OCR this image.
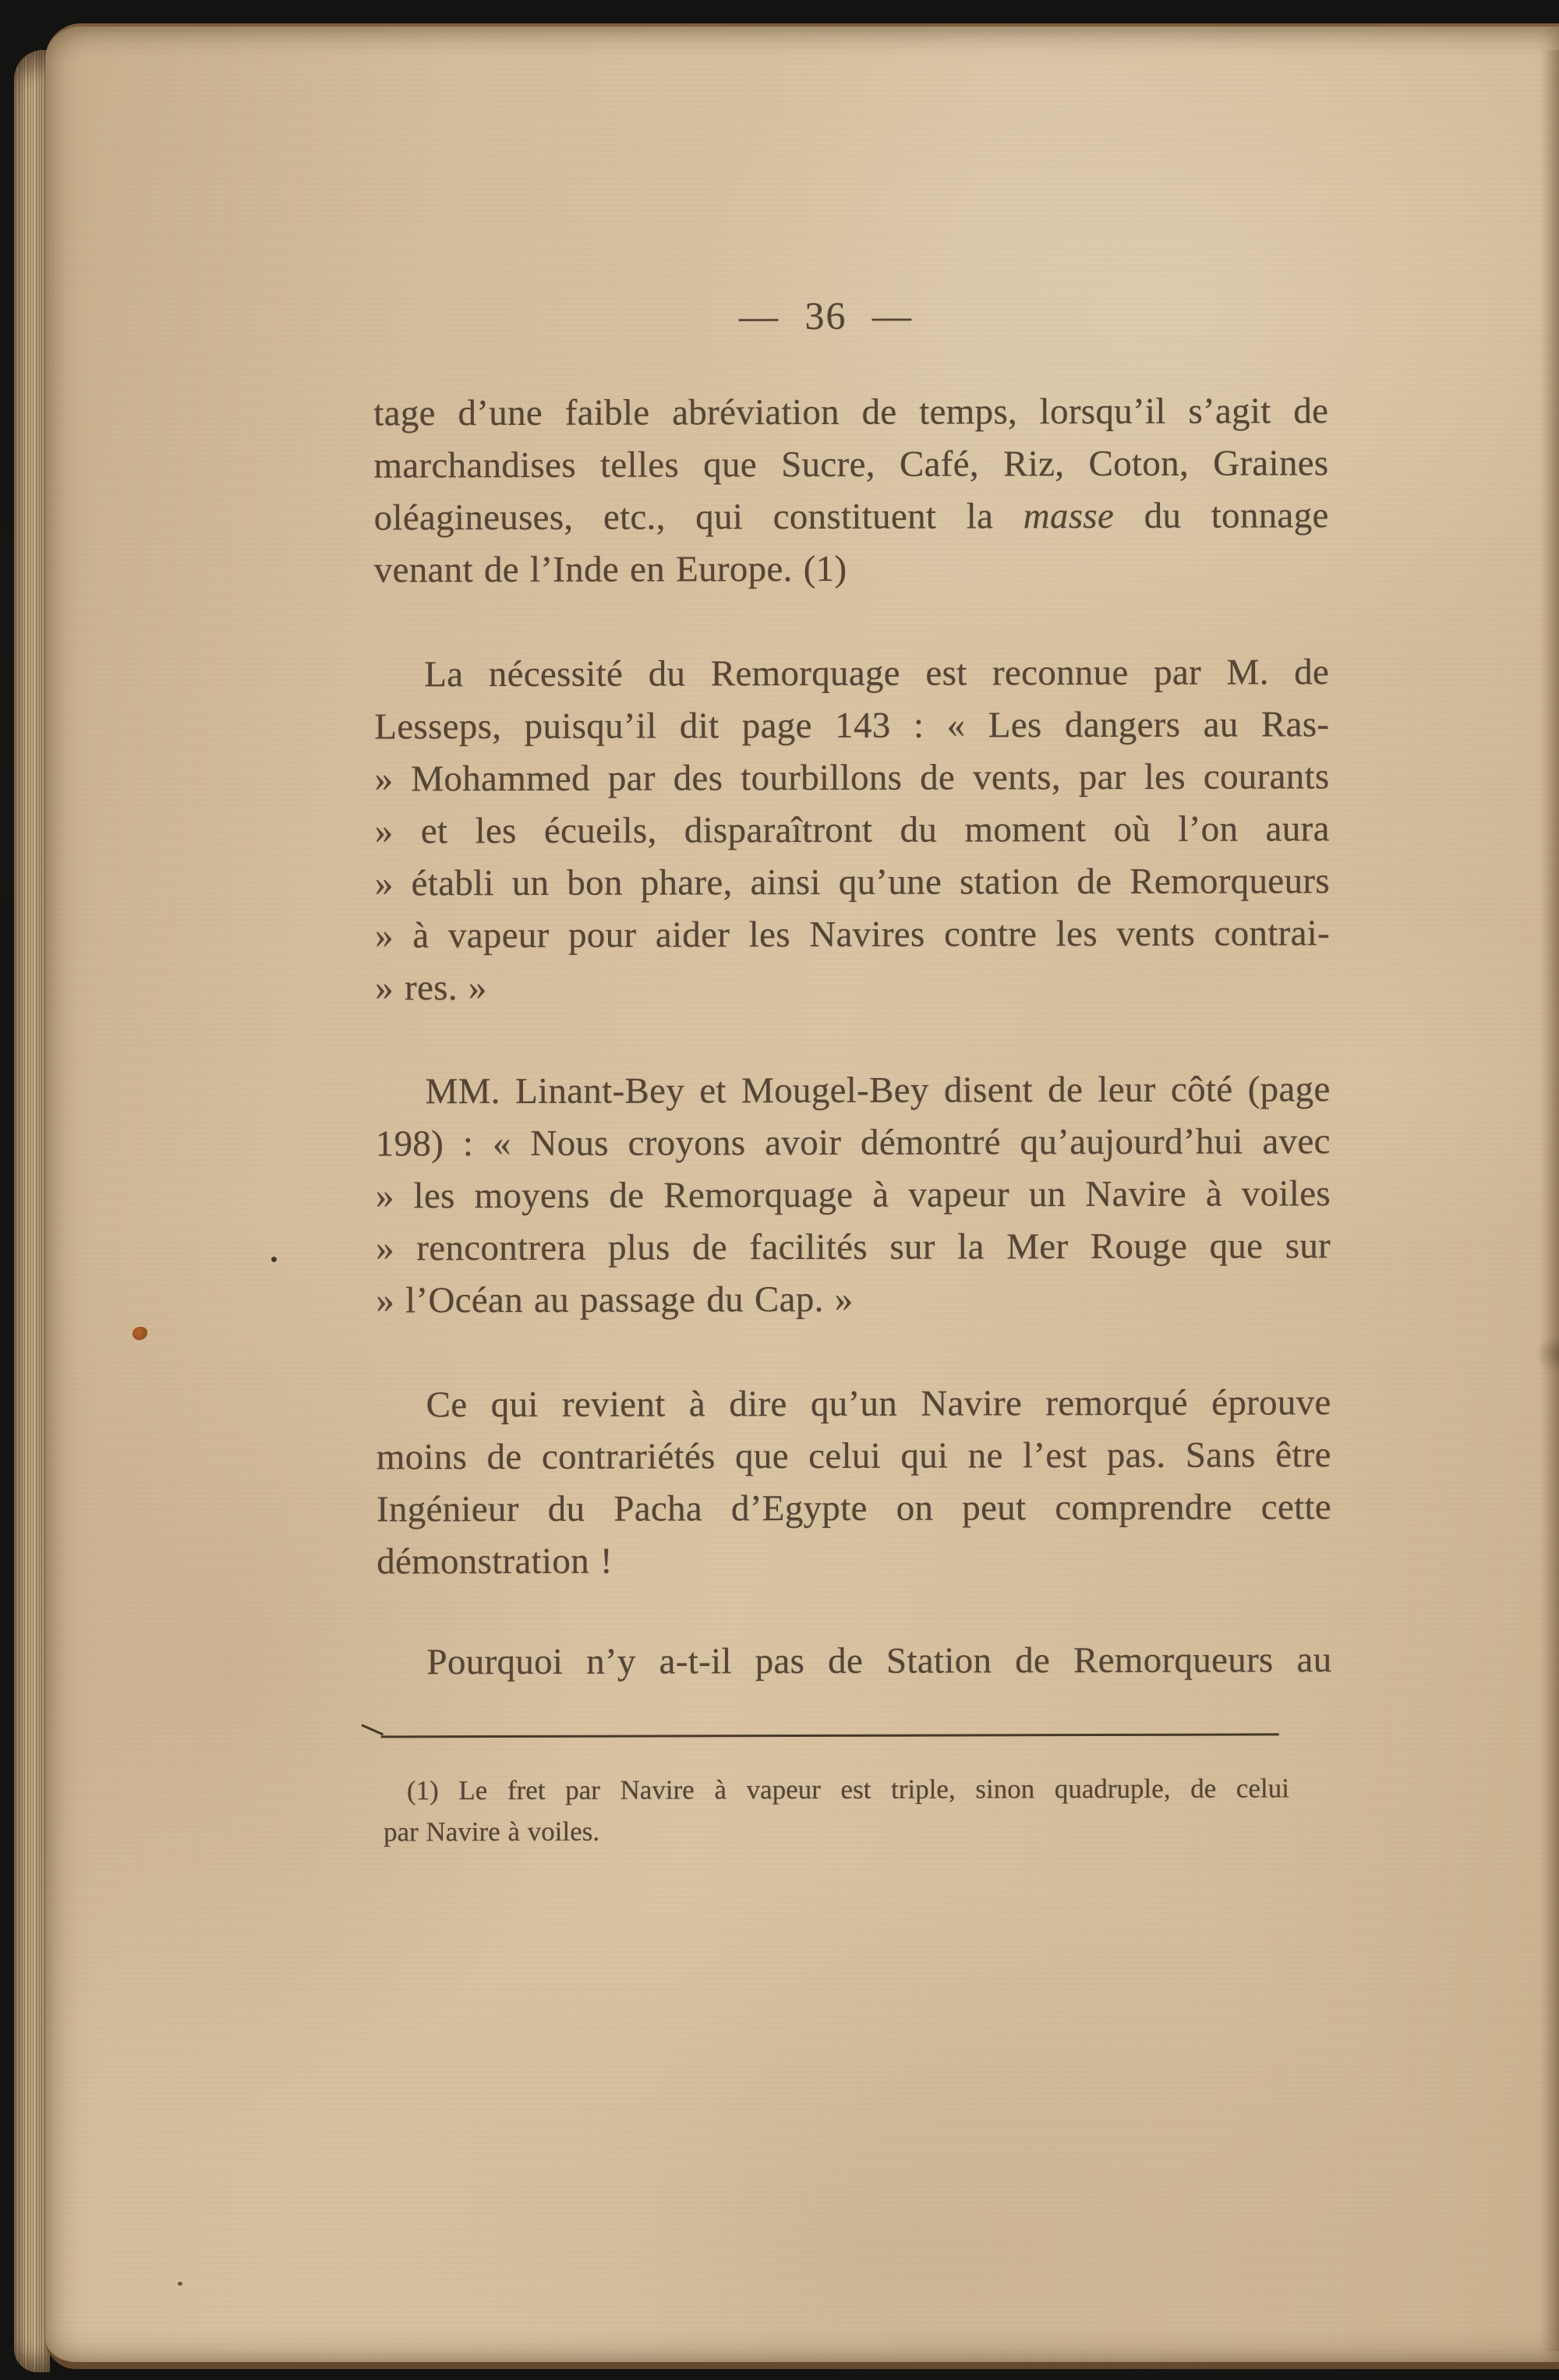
— 36 —
tage d’une faible abréviation de temps, lorsqu’il s’agit de
marchandises telles que Sucre, Café, Riz, Coton, Graines
oléagineuses, etc., qui constituent la masse du tonnage
venant de l’Inde en Europe. (1)
La nécessité du Remorquage est reconnue par M. de
Lesseps, puisqu’il dit page 143 : « Les dangers au Ras-
» Mohammed par des tourbillons de vents, par les courants
» et les écueils, disparaîtront du moment où l’on aura
» établi un bon phare, ainsi qu’une station de Remorqueurs
» à vapeur pour aider les Navires contre les vents contrai-
» res. »
MM. Linant-Bey et Mougel-Bey disent de leur côté (page
198) : « Nous croyons avoir démontré qu’aujourd’hui avec
» les moyens de Remorquage à vapeur un Navire à voiles
» rencontrera plus de facilités sur la Mer Rouge que sur
» l’Océan au passage du Cap. »
Ce qui revient à dire qu’un Navire remorqué éprouve
moins de contrariétés que celui qui ne l’est pas. Sans être
Ingénieur du Pacha d’Egypte on peut comprendre cette
démonstration !
Pourquoi n’y a-t-il pas de Station de Remorqueurs au
(1) Le fret par Navire à vapeur est triple, sinon quadruple, de celui
par Navire à voiles.
